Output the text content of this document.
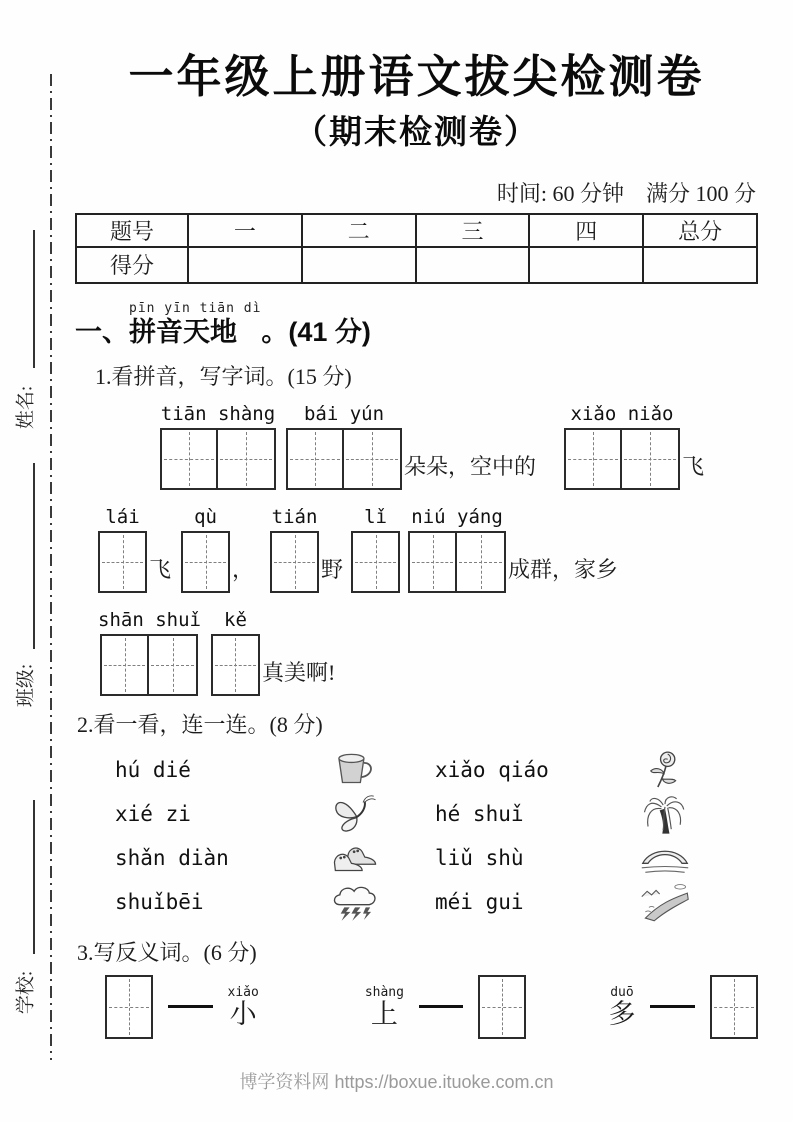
姓名:
班级:
学校:
一年级上册语文拔尖检测卷
（期末检测卷）
时间: 60 分钟　满分 100 分
题号	一	二	三	四	总分
得分					
一、
pīn yīn tiān dì
拼音天地 。(41 分)
1.看拼音，写字词。(15 分)
tiān shàng bái yún
朵朵，空中的
xiǎo niǎo
飞
lái
飞
qù
，
tián
野
lǐ niú yáng
成群，家乡
shān shuǐ kě
真美啊!
2.看一看，连一连。(8 分)
hú dié	xiǎo qiáo
xié zi	hé shuǐ
shǎn diàn	liǔ shù
shuǐbēi	méi gui
3.写反义词。(6 分)
xiǎo
小
shàng
上
duō
多
博学资料网 https://boxue.ituoke.com.cn
